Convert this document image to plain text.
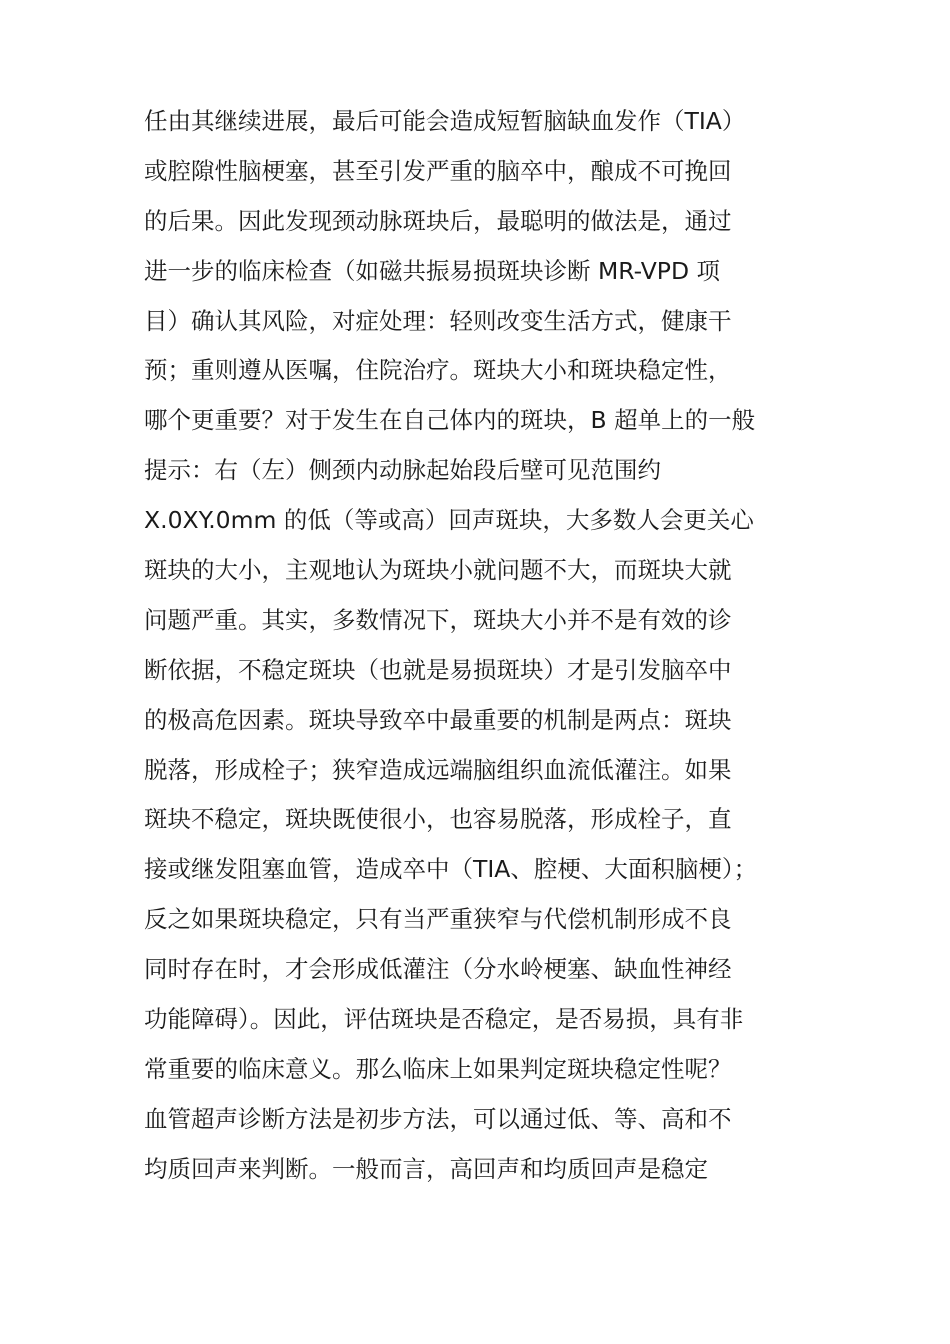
任由其继续进展，最后可能会造成短暂脑缺血发作（TIA）
或腔隙性脑梗塞，甚至引发严重的脑卒中，酿成不可挽回
的后果。因此发现颈动脉斑块后，最聪明的做法是，通过
进一步的临床检查（如磁共振易损斑块诊断 MR-VPD 项
目）确认其风险，对症处理：轻则改变生活方式，健康干
预；重则遵从医嘱，住院治疗。斑块大小和斑块稳定性，
哪个更重要？对于发生在自己体内的斑块，B 超单上的一般
提示：右（左）侧颈内动脉起始段后壁可见范围约
X.0XY.0mm 的低（等或高）回声斑块，大多数人会更关心
斑块的大小，主观地认为斑块小就问题不大，而斑块大就
问题严重。其实，多数情况下，斑块大小并不是有效的诊
断依据，不稳定斑块（也就是易损斑块）才是引发脑卒中
的极高危因素。斑块导致卒中最重要的机制是两点：斑块
脱落，形成栓子；狭窄造成远端脑组织血流低灌注。如果
斑块不稳定，斑块既使很小，也容易脱落，形成栓子，直
接或继发阻塞血管，造成卒中（TIA、腔梗、大面积脑梗）；
反之如果斑块稳定，只有当严重狭窄与代偿机制形成不良
同时存在时，才会形成低灌注（分水岭梗塞、缺血性神经
功能障碍）。因此，评估斑块是否稳定，是否易损，具有非
常重要的临床意义。那么临床上如果判定斑块稳定性呢？
血管超声诊断方法是初步方法，可以通过低、等、高和不
均质回声来判断。一般而言，高回声和均质回声是稳定
